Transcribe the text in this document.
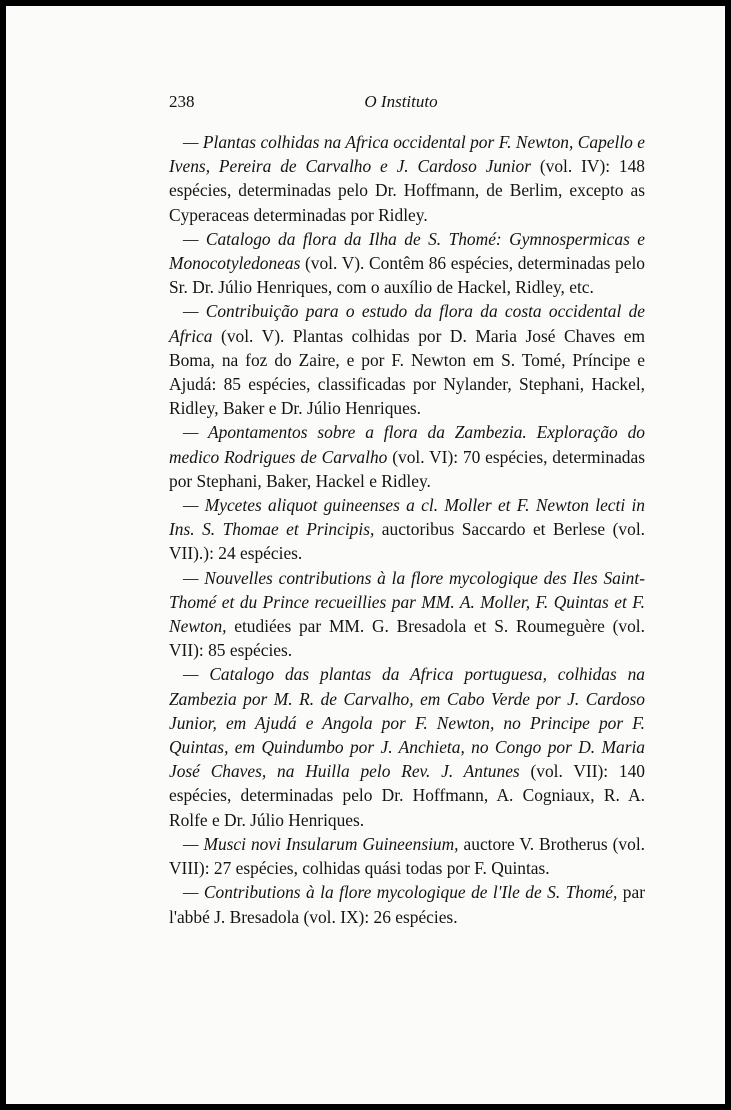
238	O Instituto

— Plantas colhidas na Africa occidental por F. Newton, Capello e Ivens, Pereira de Carvalho e J. Cardoso Junior (vol. IV): 148 espécies, determinadas pelo Dr. Hoffmann, de Berlim, excepto as Cyperaceas determinadas por Ridley.

— Catalogo da flora da Ilha de S. Thomé: Gymnospermicas e Monocotyledoneas (vol. V). Contêm 86 espécies, determinadas pelo Sr. Dr. Júlio Henriques, com o auxílio de Hackel, Ridley, etc.

— Contribuição para o estudo da flora da costa occidental de Africa (vol. V). Plantas colhidas por D. Maria José Chaves em Boma, na foz do Zaire, e por F. Newton em S. Tomé, Príncipe e Ajudá: 85 espécies, classificadas por Nylander, Stephani, Hackel, Ridley, Baker e Dr. Júlio Henriques.

— Apontamentos sobre a flora da Zambezia. Exploração do medico Rodrigues de Carvalho (vol. VI): 70 espécies, determinadas por Stephani, Baker, Hackel e Ridley.

— Mycetes aliquot guineenses a cl. Moller et F. Newton lecti in Ins. S. Thomae et Principis, auctoribus Saccardo et Berlese (vol. VII).): 24 espécies.

— Nouvelles contributions à la flore mycologique des Iles Saint-Thomé et du Prince recueillies par MM. A. Moller, F. Quintas et F. Newton, etudiées par MM. G. Bresadola et S. Roumeguère (vol. VII): 85 espécies.

— Catalogo das plantas da Africa portuguesa, colhidas na Zambezia por M. R. de Carvalho, em Cabo Verde por J. Cardoso Junior, em Ajudá e Angola por F. Newton, no Principe por F. Quintas, em Quindumbo por J. Anchieta, no Congo por D. Maria José Chaves, na Huilla pelo Rev. J. Antunes (vol. VII): 140 espécies, determinadas pelo Dr. Hoffmann, A. Cogniaux, R. A. Rolfe e Dr. Júlio Henriques.

— Musci novi Insularum Guineensium, auctore V. Brotherus (vol. VIII): 27 espécies, colhidas quási todas por F. Quintas.

— Contributions à la flore mycologique de l'Ile de S. Thomé, par l'abbé J. Bresadola (vol. IX): 26 espécies.
